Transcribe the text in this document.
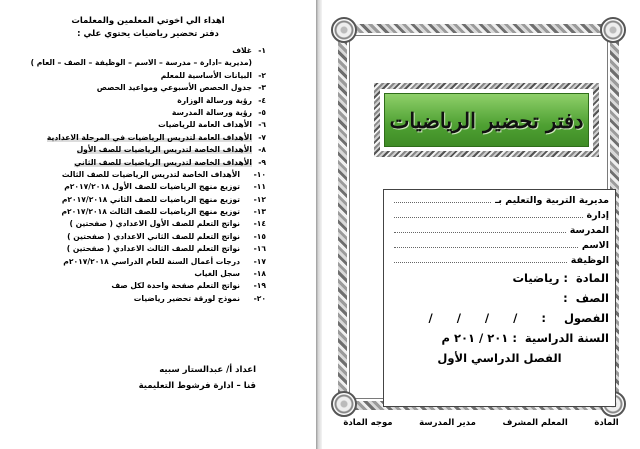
اهداء الي اخوتي المعلمين والمعلمات
دفتر تحضير رياضيات يحتوي علي :
١-
غلاف
(مديرية –ادارة – مدرسة – الاسم – الوظيفة – الصف – العام )
٢-
البيانات الأساسية للمعلم
٣-
جدول الحصص الأسبوعي ومواعيد الحصص
٤-
رؤية ورسالة الوزارة
٥-
رؤية ورسالة المدرسة
٦-
الأهداف العامة للرياضيات
٧-
الأهداف العامة لتدريس الرياضيات في المرحلة الاعدادية
٨-
الأهداف الخاصة لتدريس الرياضيات للصف الأول
٩-
الأهداف الخاصة لتدريس الرياضيات للصف الثاني
١٠-
الأهداف الخاصة لتدريس الرياضيات للصف الثالث
١١-
توزيع منهج الرياضيات للصف الأول ٢٠١٧/٢٠١٨م
١٢-
توزيع منهج الرياضيات للصف الثاني ٢٠١٧/٢٠١٨م
١٣-
توزيع منهج الرياضيات للصف الثالث ٢٠١٧/٢٠١٨م
١٤-
نواتج التعلم للصف الأول الاعدادي ( صفحتين )
١٥-
نواتج التعلم للصف الثاني الاعدادي ( صفحتين )
١٦-
نواتج التعلم للصف الثالث الاعدادي ( صفحتين )
١٧-
درجات أعمال السنة للعام الدراسي ٢٠١٧/٢٠١٨م
١٨-
سجل الغياب
١٩-
نواتج التعلم صفحة واحدة لكل صف
٢٠-
نموذج لورقة تحضير رياضيات
اعداد أ/ عبدالستار سبيه
قنا – ادارة فرشوط التعليمية
دفتر تحضير الرياضيات
مديرية التربية والتعليم بـ
إدارة
المدرسة
الاسم
الوظيفة
المادة
: رياضيات
الصف
:
الفصول
: / / / /
السنة الدراسية
: ٢٠١ / ٢٠١ م
الفصل الدراسي الأول
المادة
المعلم المشرف
مدير المدرسة
موجه المادة
